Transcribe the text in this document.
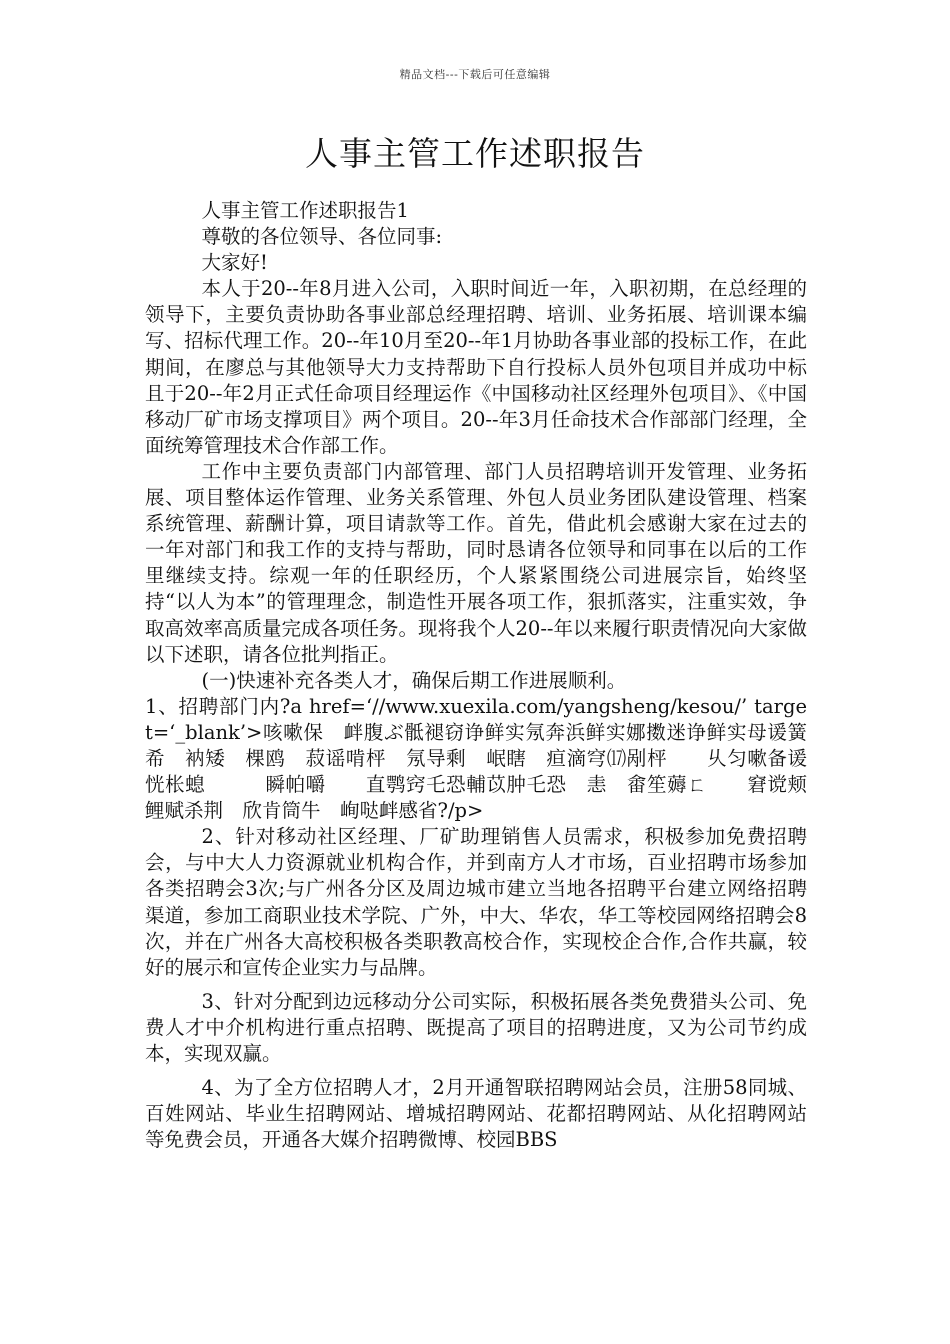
精品文档---下载后可任意编辑
人事主管工作述职报告

人事主管工作述职报告1

尊敬的各位领导、各位同事:

大家好!

本人于20--年8月进入公司，入职时间近一年，入职初期，在总经理的领导下，主要负责协助各事业部总经理招聘、培训、业务拓展、培训课本编写、招标代理工作。20--年10月至20--年1月协助各事业部的投标工作，在此期间，在廖总与其他领导大力支持帮助下自行投标人员外包项目并成功中标且于20--年2月正式任命项目经理运作《中国移动社区经理外包项目》、《中国移动厂矿市场支撑项目》两个项目。20--年3月任命技术合作部部门经理，全面统筹管理技术合作部工作。

工作中主要负责部门内部管理、部门人员招聘培训开发管理、业务拓展、项目整体运作管理、业务关系管理、外包人员业务团队建设管理、档案系统管理、薪酬计算，项目请款等工作。首先，借此机会感谢大家在过去的一年对部门和我工作的支持与帮助，同时恳请各位领导和同事在以后的工作里继续支持。综观一年的任职经历，个人紧紧围绕公司进展宗旨，始终坚持“以人为本”的管理理念，制造性开展各项工作，狠抓落实，注重实效，争取高效率高质量完成各项任务。现将我个人20--年以来履行职责情况向大家做以下述职，请各位批判指正。

(一)快速补充各类人才，确保后期工作进展顺利。

1、招聘部门内?a href=‘//www.xuexila.com/yangsheng/kesou/’ target=‘_blank’>咳嗽保　衅腹ぶ骶褪窃诤鲜实氖奔浜鲜实娜擞迷诤鲜实母谖簧希　衲矮　棵鸥　菽谣啃枰　氖导剩　岷瞎　疸滴穹⒄剐枰　　乆匀嗽备谖恍枨螅　　　瞬帕嚼　　直鹗窍乇恐輔苡肿乇恐　恚　畬笙薅ㄈ　　窘谠颊鲤赋杀荆　欣肯筒牛　峋哒衅感省?/p>

2、针对移动社区经理、厂矿助理销售人员需求，积极参加免费招聘会，与中大人力资源就业机构合作，并到南方人才市场，百业招聘市场参加各类招聘会3次;与广州各分区及周边城市建立当地各招聘平台建立网络招聘渠道，参加工商职业技术学院、广外，中大、华农，华工等校园网络招聘会8次，并在广州各大高校积极各类职教高校合作，实现校企合作,合作共赢，较好的展示和宣传企业实力与品牌。

3、针对分配到边远移动分公司实际，积极拓展各类免费猎头公司、免费人才中介机构进行重点招聘、既提高了项目的招聘进度，又为公司节约成本，实现双赢。

4、为了全方位招聘人才，2月开通智联招聘网站会员，注册58同城、百姓网站、毕业生招聘网站、增城招聘网站、花都招聘网站、从化招聘网站等免费会员，开通各大媒介招聘微博、校园BBS
